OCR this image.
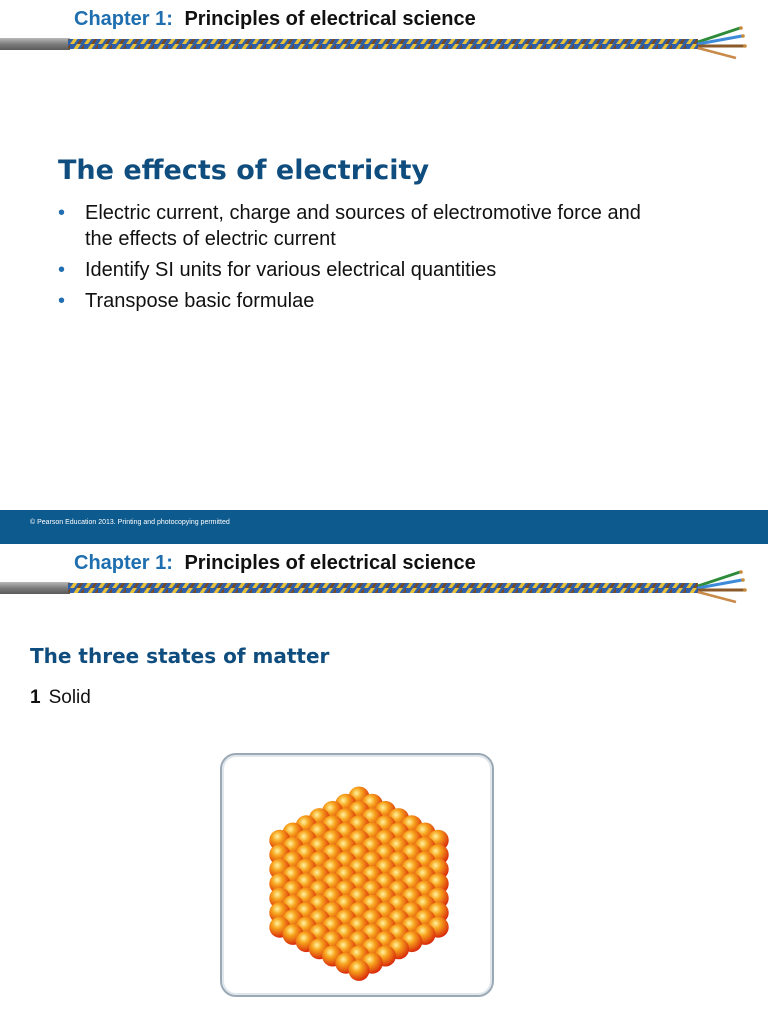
Chapter 1: Principles of electrical science
The effects of electricity
• Electric current, charge and sources of electromotive force and the effects of electric current
• Identify SI units for various electrical quantities
• Transpose basic formulae
© Pearson Education 2013. Printing and photocopying permitted
Chapter 1: Principles of electrical science
The three states of matter
1 Solid
